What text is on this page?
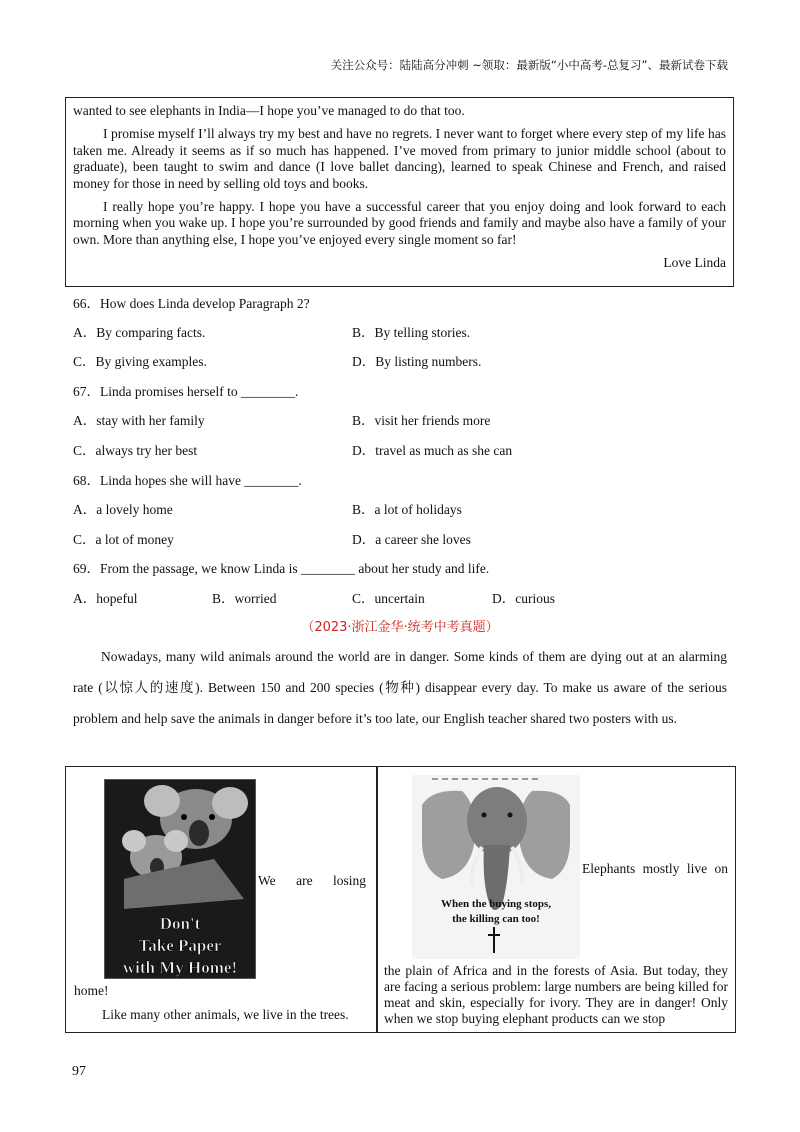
关注公众号：陆陆高分冲刺 ~领取：最新版“小中高考-总复习”、最新试卷下载

wanted to see elephants in India—I hope you’ve managed to do that too.

I promise myself I’ll always try my best and have no regrets. I never want to forget where every step of my life has taken me. Already it seems as if so much has happened. I’ve moved from primary to junior middle school (about to graduate), been taught to swim and dance (I love ballet dancing), learned to speak Chinese and French, and raised money for those in need by selling old toys and books.

I really hope you’re happy. I hope you have a successful career that you enjoy doing and look forward to each morning when you wake up. I hope you’re surrounded by good friends and family and maybe also have a family of your own. More than anything else, I hope you’ve enjoyed every single moment so far!

Love Linda
66．How does Linda develop Paragraph 2?
A．By comparing facts.	B．By telling stories.
C．By giving examples.	D．By listing numbers.
67．Linda promises herself to ________.
A．stay with her family	B．visit her friends more
C．always try her best	D．travel as much as she can
68．Linda hopes she will have ________.
A．a lovely home	B．a lot of holidays
C．a lot of money	D．a career she loves
69．From the passage, we know Linda is ________ about her study and life.
A．hopeful	B．worried	C．uncertain	D．curious
（2023·浙江金华·统考中考真题）

Nowadays, many wild animals around the world are in danger. Some kinds of them are dying out at an alarming rate (以惊人的速度). Between 150 and 200 species (物种) disappear every day. To make us aware of the serious problem and help save the animals in danger before it’s too late, our English teacher shared two posters with us.

Don't
Take Paper
with My Home!
We are losing
home!
Like many other animals, we live in the trees.
When the buying stops,
the killing can too!
Elephants mostly live on
the plain of Africa and in the forests of Asia. But today, they are facing a serious problem: large numbers are being killed for meat and skin, especially for ivory. They are in danger! Only when we stop buying elephant products can we stop
97
